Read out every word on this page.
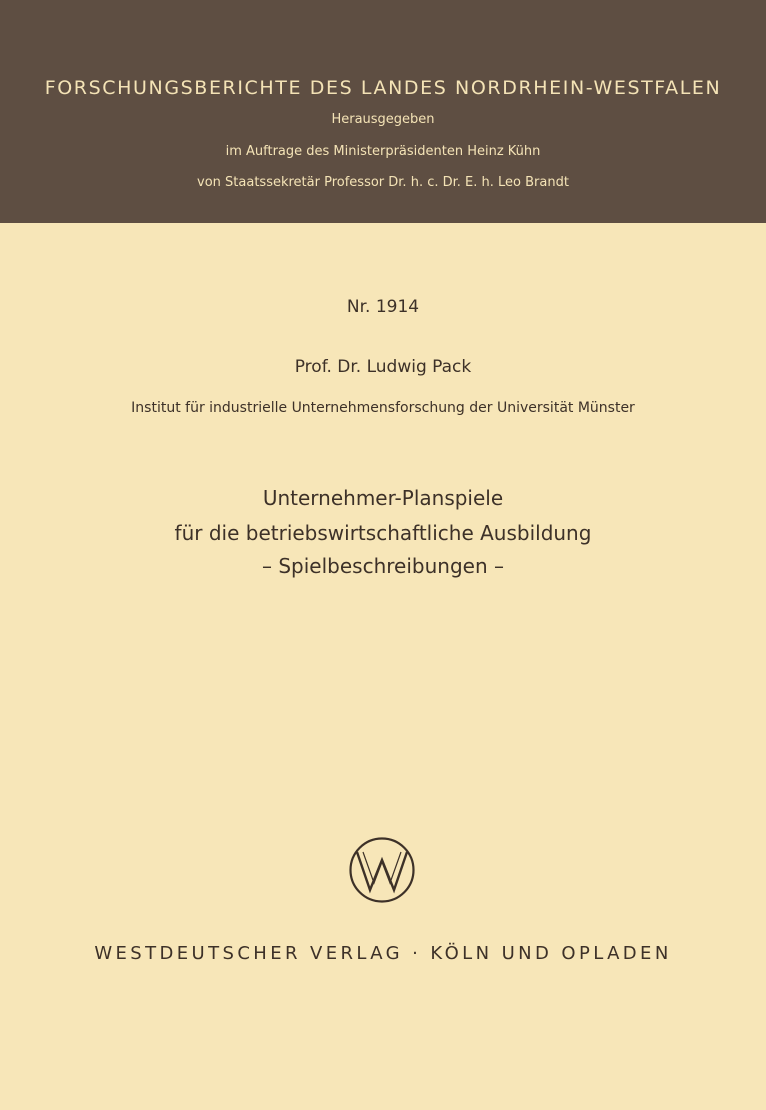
FORSCHUNGSBERICHTE DES LANDES NORDRHEIN-WESTFALEN
Herausgegeben
im Auftrage des Ministerpräsidenten Heinz Kühn
von Staatssekretär Professor Dr. h. c. Dr. E. h. Leo Brandt
Nr. 1914
Prof. Dr. Ludwig Pack
Institut für industrielle Unternehmensforschung der Universität Münster
Unternehmer-Planspiele
für die betriebswirtschaftliche Ausbildung
– Spielbeschreibungen –
WESTDEUTSCHER VERLAG · KÖLN UND OPLADEN
